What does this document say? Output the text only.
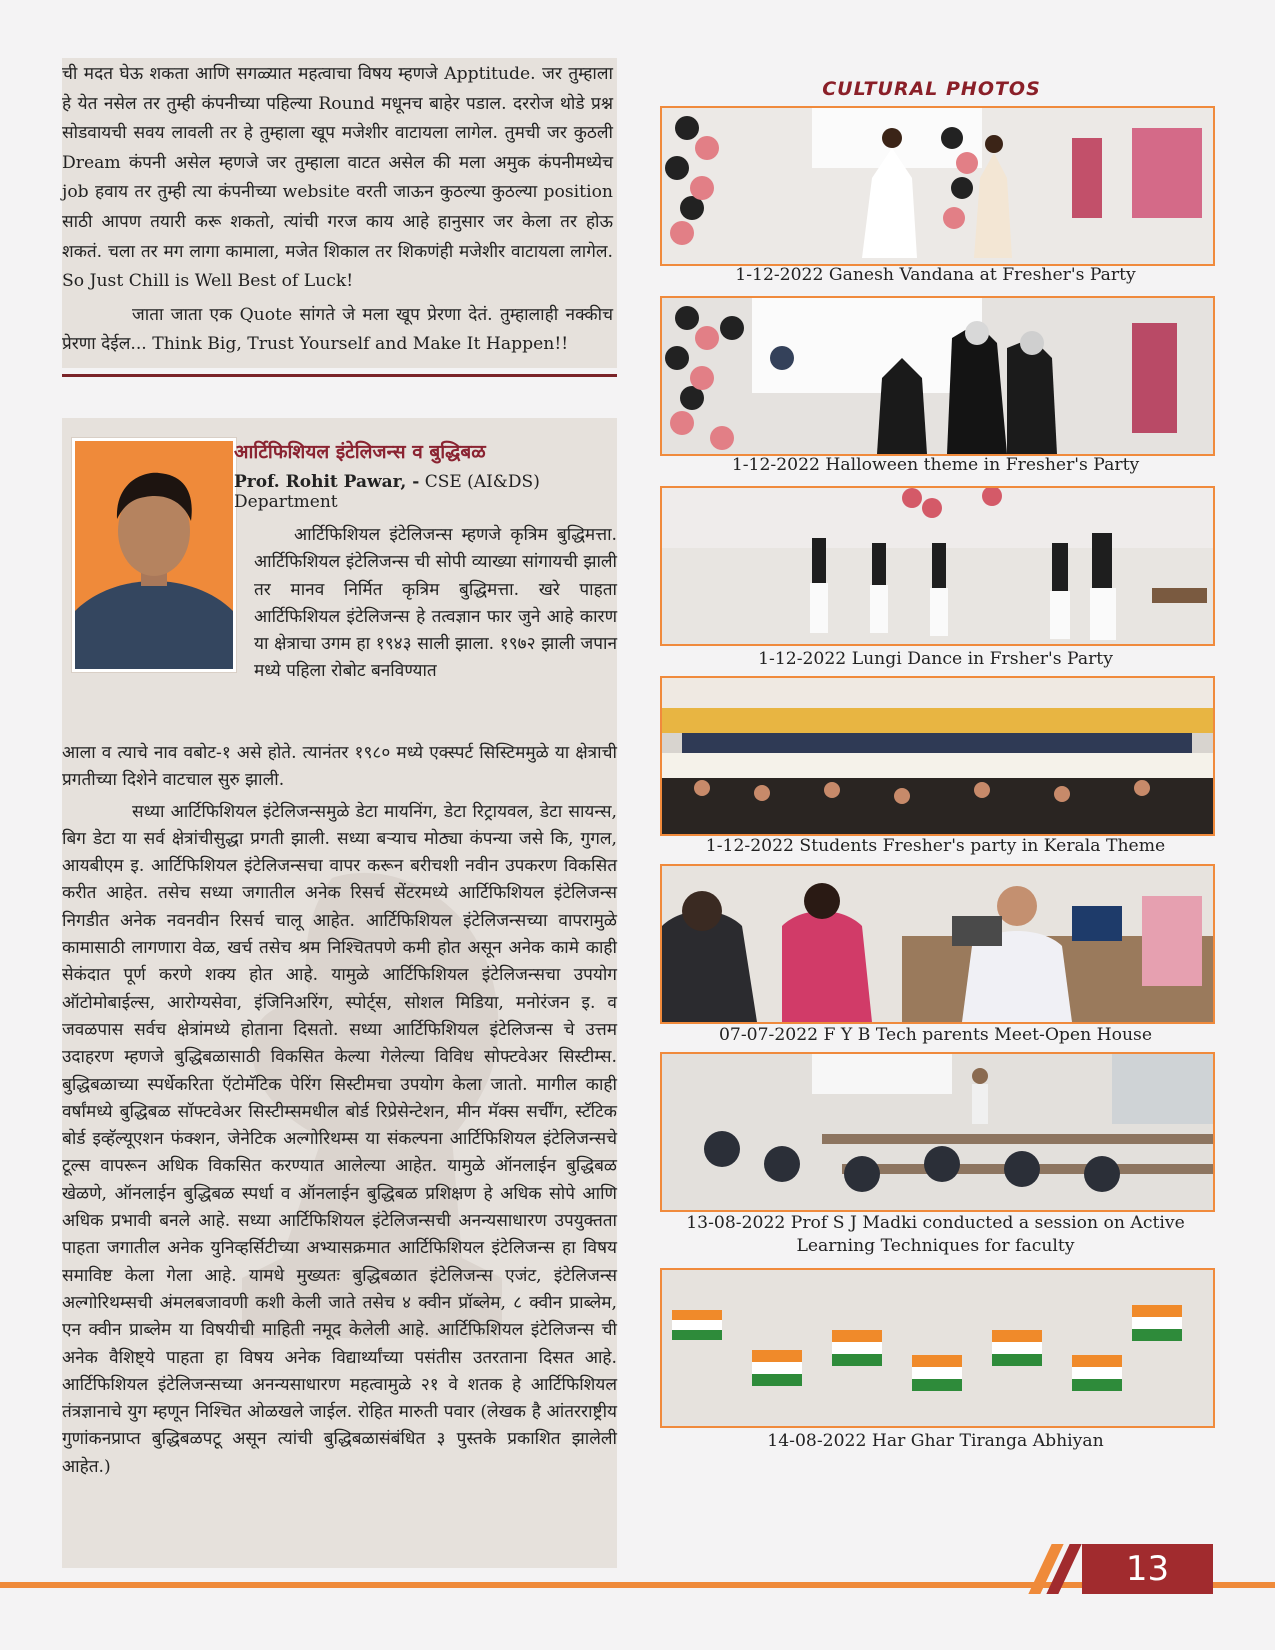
ची मदत घेऊ शकता आणि सगळ्यात महत्वाचा विषय म्हणजे Apptitude. जर तुम्हाला हे येत नसेल तर तुम्ही कंपनीच्या पहिल्या Round मधूनच बाहेर पडाल. दररोज थोडे प्रश्न सोडवायची सवय लावली तर हे तुम्हाला खूप मजेशीर वाटायला लागेल. तुमची जर कुठली Dream कंपनी असेल म्हणजे जर तुम्हाला वाटत असेल की मला अमुक कंपनीमध्येच job हवाय तर तुम्ही त्या कंपनीच्या website वरती जाऊन कुठल्या कुठल्या position साठी आपण तयारी करू शकतो, त्यांची गरज काय आहे हानुसार जर केला तर होऊ शकतं. चला तर मग लागा कामाला, मजेत शिकाल तर शिकणंही मजेशीर वाटायला लागेल. So Just Chill is Well Best of Luck!

जाता जाता एक Quote सांगते जे मला खूप प्रेरणा देतं. तुम्हालाही नक्कीच प्रेरणा देईल... Think Big, Trust Yourself and Make It Happen!!

आर्टिफिशियल इंटेलिजन्स व बुद्धिबळ
Prof. Rohit Pawar, - CSE (AI&DS) Department
आर्टिफिशियल इंटेलिजन्स म्हणजे कृत्रिम बुद्धिमत्ता. आर्टिफिशियल इंटेलिजन्स ची सोपी व्याख्या सांगायची झाली तर मानव निर्मित कृत्रिम बुद्धिमत्ता. खरे पाहता आर्टिफिशियल इंटेलिजन्स हे तत्वज्ञान फार जुने आहे कारण या क्षेत्राचा उगम हा १९४३ साली झाला. १९७२ झाली जपान मध्ये पहिला रोबोट बनविण्यात

आला व त्याचे नाव वबोट-१ असे होते. त्यानंतर १९८० मध्ये एक्स्पर्ट सिस्टिममुळे या क्षेत्राची प्रगतीच्या दिशेने वाटचाल सुरु झाली.

सध्या आर्टिफिशियल इंटेलिजन्समुळे डेटा मायनिंग, डेटा रिट्रायवल, डेटा सायन्स, बिग डेटा या सर्व क्षेत्रांचीसुद्धा प्रगती झाली. सध्या बऱ्याच मोठ्या कंपन्या जसे कि, गुगल, आयबीएम इ. आर्टिफिशियल इंटेलिजन्सचा वापर करून बरीचशी नवीन उपकरण विकसित करीत आहेत. तसेच सध्या जगातील अनेक रिसर्च सेंटरमध्ये आर्टिफिशियल इंटेलिजन्स निगडीत अनेक नवनवीन रिसर्च चालू आहेत. आर्टिफिशियल इंटेलिजन्सच्या वापरामुळे कामासाठी लागणारा वेळ, खर्च तसेच श्रम निश्चितपणे कमी होत असून अनेक कामे काही सेकंदात पूर्ण करणे शक्य होत आहे. यामुळे आर्टिफिशियल इंटेलिजन्सचा उपयोग ऑटोमोबाईल्स, आरोग्यसेवा, इंजिनिअरिंग, स्पोर्ट्स, सोशल मिडिया, मनोरंजन इ. व जवळपास सर्वच क्षेत्रांमध्ये होताना दिसतो. सध्या आर्टिफिशियल इंटेलिजन्स चे उत्तम उदाहरण म्हणजे बुद्धिबळासाठी विकसित केल्या गेलेल्या विविध सोफ्टवेअर सिस्टीम्स. बुद्धिबळाच्या स्पर्धेकरिता ऍटोमॅटिक पेरिंग सिस्टीमचा उपयोग केला जातो. मागील काही वर्षांमध्ये बुद्धिबळ सॉफ्टवेअर सिस्टीम्समधील बोर्ड रिप्रेसेन्टेशन, मीन मॅक्स सर्चींग, स्टॅटिक बोर्ड इव्हॅल्यूएशन फंक्शन, जेनेटिक अल्गोरिथम्स या संकल्पना आर्टिफिशियल इंटेलिजन्सचे टूल्स वापरून अधिक विकसित करण्यात आलेल्या आहेत. यामुळे ऑनलाईन बुद्धिबळ खेळणे, ऑनलाईन बुद्धिबळ स्पर्धा व ऑनलाईन बुद्धिबळ प्रशिक्षण हे अधिक सोपे आणि अधिक प्रभावी बनले आहे. सध्या आर्टिफिशियल इंटेलिजन्सची अनन्यसाधारण उपयुक्तता पाहता जगातील अनेक युनिव्हर्सिटीच्या अभ्यासक्रमात आर्टिफिशियल इंटेलिजन्स हा विषय समाविष्ट केला गेला आहे. यामधे मुख्यतः बुद्धिबळात इंटेलिजन्स एजंट, इंटेलिजन्स अल्गोरिथम्सची अंमलबजावणी कशी केली जाते तसेच ४ क्वीन प्रॉब्लेम, ८ क्वीन प्राब्लेम, एन क्वीन प्राब्लेम या विषयीची माहिती नमूद केलेली आहे. आर्टिफिशियल इंटेलिजन्स ची अनेक वैशिष्ट्ये पाहता हा विषय अनेक विद्यार्थ्यांच्या पसंतीस उतरताना दिसत आहे. आर्टिफिशियल इंटेलिजन्सच्या अनन्यसाधारण महत्वामुळे २१ वे शतक हे आर्टिफिशियल तंत्रज्ञानाचे युग म्हणून निश्चित ओळखले जाईल. रोहित मारुती पवार (लेखक है आंतरराष्ट्रीय गुणांकनप्राप्त बुद्धिबळपटू असून त्यांची बुद्धिबळासंबंधित ३ पुस्तके प्रकाशित झालेली आहेत.)

CULTURAL PHOTOS
1-12-2022 Ganesh Vandana at Fresher's Party
1-12-2022 Halloween theme in Fresher's Party
1-12-2022 Lungi Dance in Frsher's Party
1-12-2022 Students Fresher's party in Kerala Theme
07-07-2022 F Y B Tech parents Meet-Open House
13-08-2022 Prof S J Madki conducted a session on Active Learning Techniques for faculty
14-08-2022 Har Ghar Tiranga Abhiyan
13
